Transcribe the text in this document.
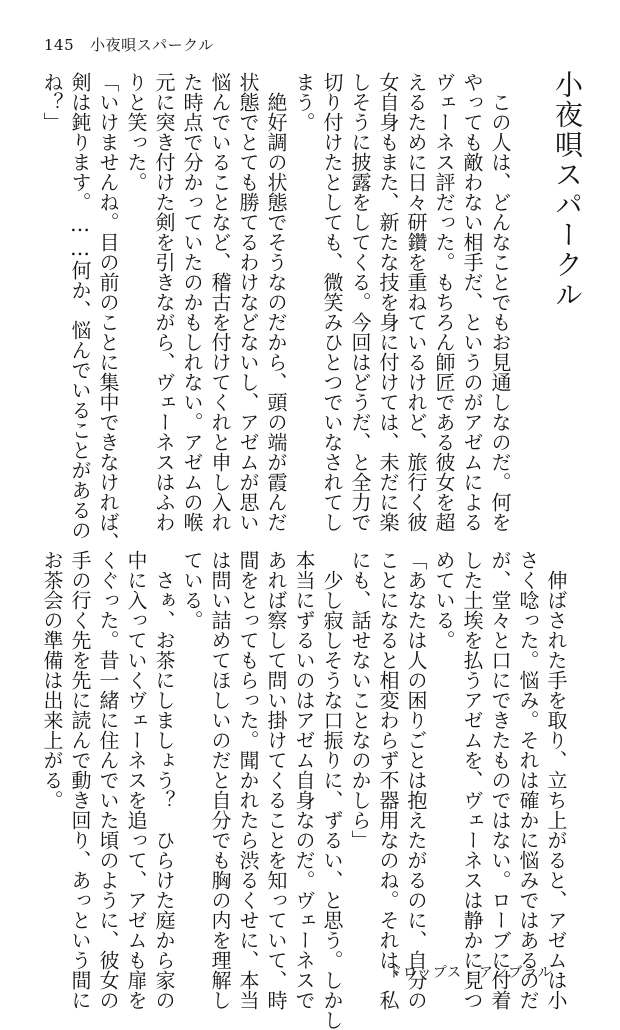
145 小夜唄スパークル
小夜唄スパークル

この人は、どんなことでもお見通しなのだ。何を

やっても敵わない相手だ、というのがアゼムによる

ヴェーネス評だった。もちろん師匠である彼女を超

えるために日々研鑽を重ねているけれど、旅行く彼

女自身もまた、新たな技を身に付けては、未だに楽

しそうに披露をしてくる。今回はどうだ、と全力で

切り付けたとしても、微笑みひとつでいなされてし

まう。

絶好調の状態でそうなのだから、頭の端が霞んだ

状態でとても勝てるわけなどないし、アゼムが思い

悩んでいることなど、稽古を付けてくれと申し入れ

た時点で分かっていたのかもしれない。アゼムの喉

元に突き付けた剣を引きながら、ヴェーネスはふわ

りと笑った。

「いけませんね。目の前のことに集中できなければ、

剣は鈍ります。……何か、悩んでいることがあるの

ね？」

伸ばされた手を取り、立ち上がると、アゼムは小

さく唸った。悩み。それは確かに悩みではあるのだ

が、堂々と口にできたものではない。ローブに付着

した土埃を払うアゼムを、ヴェーネスは静かに見つ

めている。

「あなたは人の困りごとは抱えたがるのに、自分の

ことになると相変わらず不器用なのね。それは、私

にも、話せないことなのかしら」

少し寂しそうな口振りに、ずるい、と思う。しかし

本当にずるいのはアゼム自身なのだ。ヴェーネスで

あれば察して問い掛けてくることを知っていて、時

間をとってもらった。聞かれたら渋るくせに、本当

は問い詰めてほしいのだと自分でも胸の内を理解し

ている。

さぁ、お茶にしましょう？　ひらけた庭から家の

中に入っていくヴェーネスを追って、アゼムも扉を

くぐった。昔一緒に住んでいた頃のように、彼女の

手の行く先を先に読んで動き回り、あっという間に

お茶会の準備は出来上がる。

ドロップス - アンブラル -
